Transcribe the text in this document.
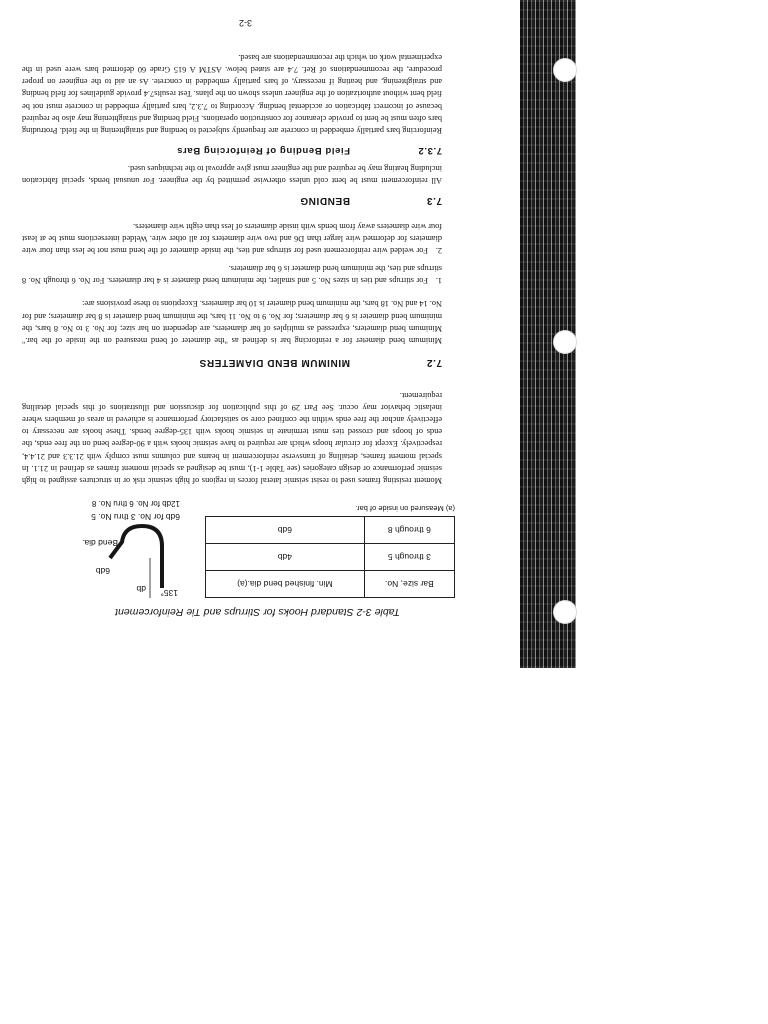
Table 3-2 Standard Hooks for Stirrups and Tie Reinforcement
Bar size, No.	Min. finished bend dia.(a)
3 through 5	4db
6 through 8	6db
135°
db
Bend dia.
6db
6db for No. 3 thru No. 5
12db for No. 6 thru No. 8
(a) Measured on inside of bar.

Moment resisting frames used to resist seismic lateral forces in regions of high seismic risk or in structures assigned to high seismic performance or design categories (see Table 1-1), must be designed as special moment frames as defined in 21.1. In special moment frames, detailing of transverse reinforcement in beams and columns must comply with 21.3.3 and 21.4.4, respectively. Except for circular hoops which are required to have seismic hooks with a 90-degree bend on the free ends, the ends of hoops and crossed ties must terminate in seismic hooks with 135-degree bends. These hooks are necessary to effectively anchor the free ends within the confined core so satisfactory performance is achieved in areas of members where inelastic behavior may occur. See Part 29 of this publication for discussion and illustrations of this special detailing requirement.

7.2MINIMUM BEND DIAMETERS

Minimum bend diameter for a reinforcing bar is defined as "the diameter of bend measured on the inside of the bar." Minimum bend diameters, expressed as multiples of bar diameters, are dependent on bar size; for No. 3 to No. 8 bars, the minimum bend diameter is 6 bar diameters; for No. 9 to No. 11 bars, the minimum bend diameter is 8 bar diameters; and for No. 14 and No. 18 bars, the minimum bend diameter is 10 bar diameters. Exceptions to these provisions are:

1.For stirrups and ties in sizes No. 5 and smaller, the minimum bend diameter is 4 bar diameters. For No. 6 through No. 8 stirrups and ties, the minimum bend diameter is 6 bar diameters.
2.For welded wire reinforcement used for stirrups and ties, the inside diameter of the bend must not be less than four wire diameters for deformed wire larger than D6 and two wire diameters for all other wire. Welded intersections must be at least four wire diameters away from bends with inside diameters of less than eight wire diameters.
7.3BENDING

All reinforcement must be bent cold unless otherwise permitted by the engineer. For unusual bends, special fabrication including heating may be required and the engineer must give approval to the techniques used.

7.3.2Field Bending of Reinforcing Bars

Reinforcing bars partially embedded in concrete are frequently subjected to bending and straightening in the field. Protruding bars often must be bent to provide clearance for construction operations. Field bending and straightening may also be required because of incorrect fabrication or accidental bending. According to 7.3.2, bars partially embedded in concrete must not be field bent without authorization of the engineer unless shown on the plans. Test results7.4 provide guidelines for field bending and straightening, and heating if necessary, of bars partially embedded in concrete. As an aid to the engineer on proper procedure, the recommendations of Ref. 7.4 are stated below. ASTM A 615 Grade 60 deformed bars were used in the experimental work on which the recommendations are based.

3-2
